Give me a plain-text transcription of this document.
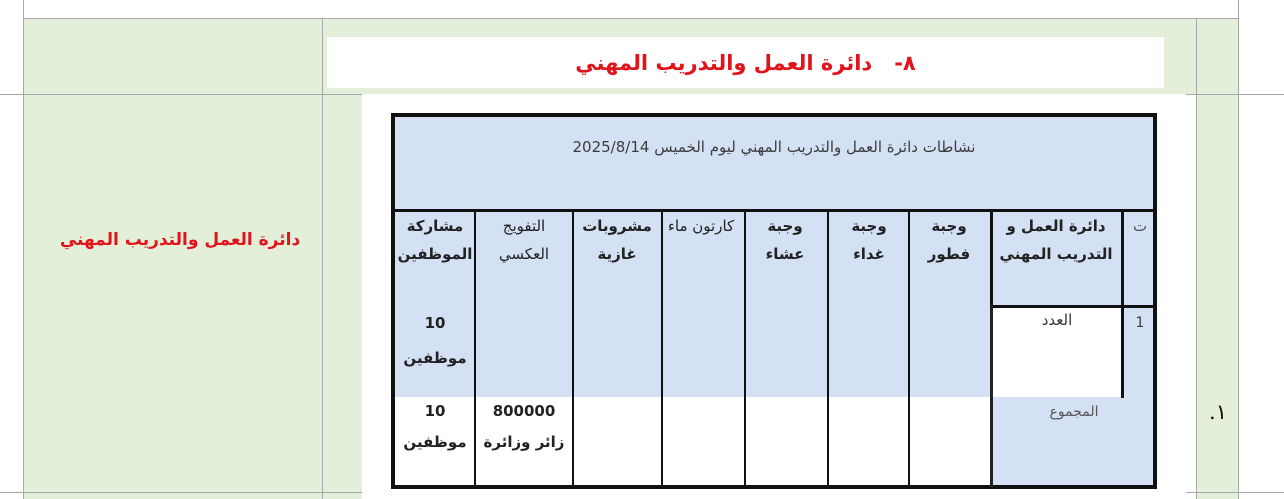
٨-
دائرة العمل والتدريب المهني
دائرة العمل والتدريب المهني
.١
نشاطات دائرة العمل والتدريب المهني ليوم الخميس 2025/8/14
ت
دائرة العمل و التدريب المهني
وجبة فطور
وجبة غداء
وجبة عشاء
كارتون ماء
مشروبات غازية
التفويج العكسي
مشاركة الموظفين
1
العدد
10
موظفين
المجموع
800000
زائر وزائرة
10
موظفين
